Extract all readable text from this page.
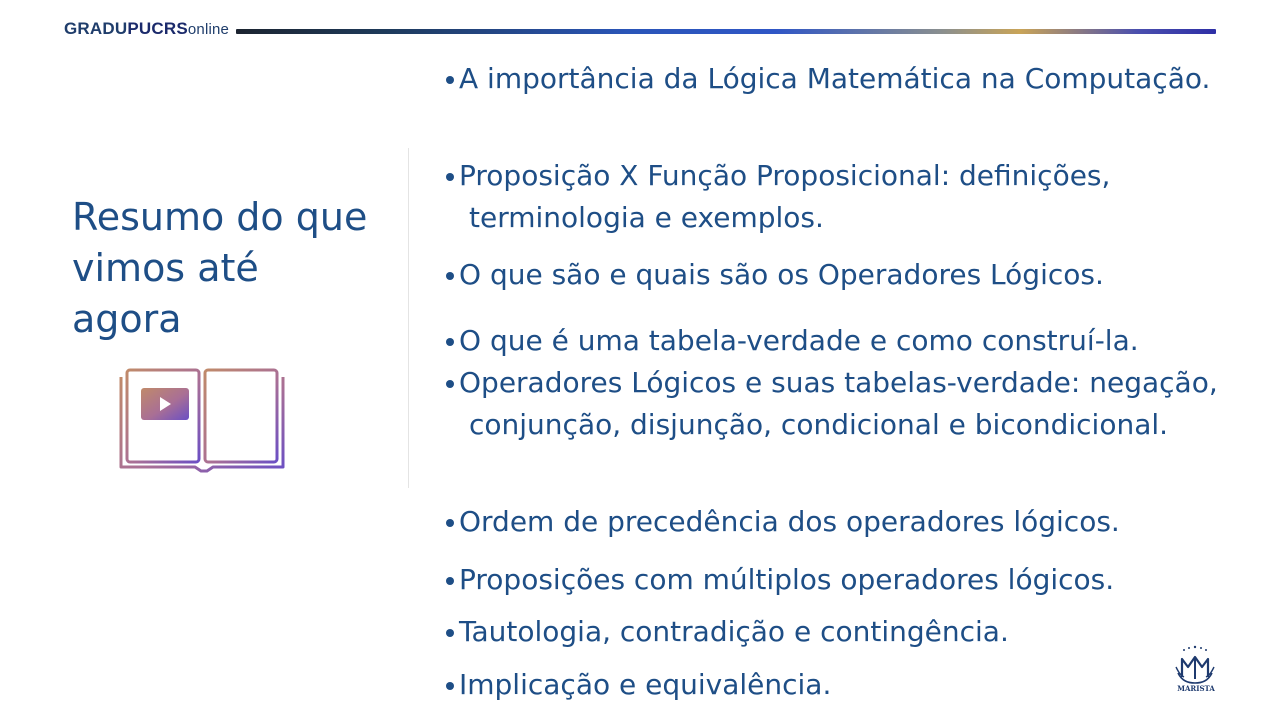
GRADUPUCRSonline
Resumo do que vimos até agora
A importância da Lógica Matemática na Computação.
Proposição X Função Proposicional: definições, terminologia e exemplos.
O que são e quais são os Operadores Lógicos.
O que é uma tabela-verdade e como construí-la.
Operadores Lógicos e suas tabelas-verdade: negação, conjunção, disjunção, condicional e bicondicional.
Ordem de precedência dos operadores lógicos.
Proposições com múltiplos operadores lógicos.
Tautologia, contradição e contingência.
Implicação e equivalência.	MARISTA
